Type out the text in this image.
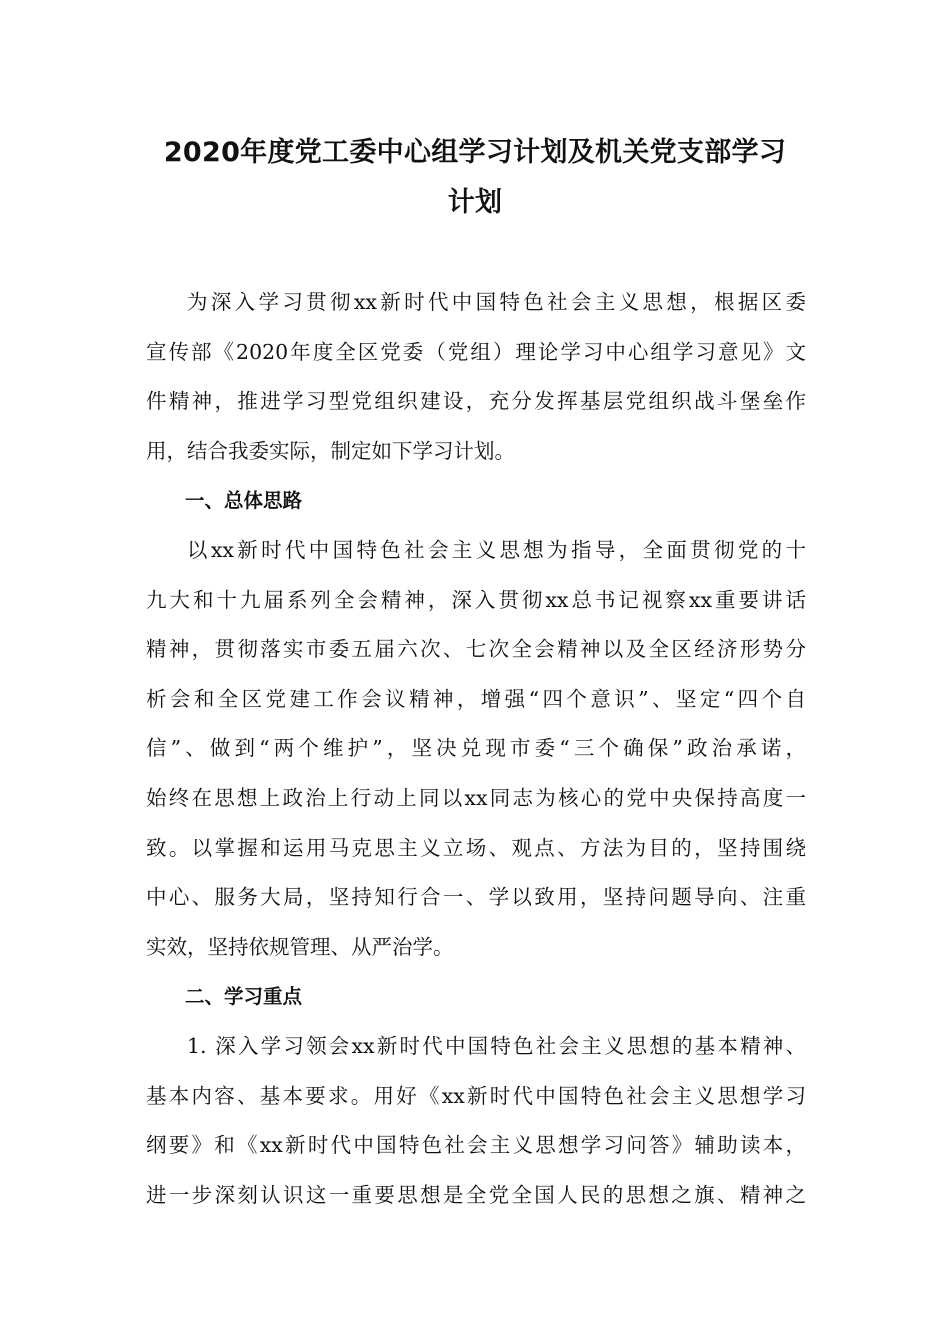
2020年度党工委中心组学习计划及机关党支部学习
计划
为深入学习贯彻xx新时代中国特色社会主义思想，根据区委
宣传部《2020年度全区党委（党组）理论学习中心组学习意见》文
件精神，推进学习型党组织建设，充分发挥基层党组织战斗堡垒作
用，结合我委实际，制定如下学习计划。

一、总体思路

以xx新时代中国特色社会主义思想为指导，全面贯彻党的十
九大和十九届系列全会精神，深入贯彻xx总书记视察xx重要讲话
精神，贯彻落实市委五届六次、七次全会精神以及全区经济形势分
析会和全区党建工作会议精神，增强“四个意识”、坚定“四个自
信”、做到“两个维护”，坚决兑现市委“三个确保”政治承诺，
始终在思想上政治上行动上同以xx同志为核心的党中央保持高度一
致。以掌握和运用马克思主义立场、观点、方法为目的，坚持围绕
中心、服务大局，坚持知行合一、学以致用，坚持问题导向、注重
实效，坚持依规管理、从严治学。

二、学习重点

1. 深入学习领会xx新时代中国特色社会主义思想的基本精神、
基本内容、基本要求。用好《xx新时代中国特色社会主义思想学习
纲要》和《xx新时代中国特色社会主义思想学习问答》辅助读本，
进一步深刻认识这一重要思想是全党全国人民的思想之旗、精神之
